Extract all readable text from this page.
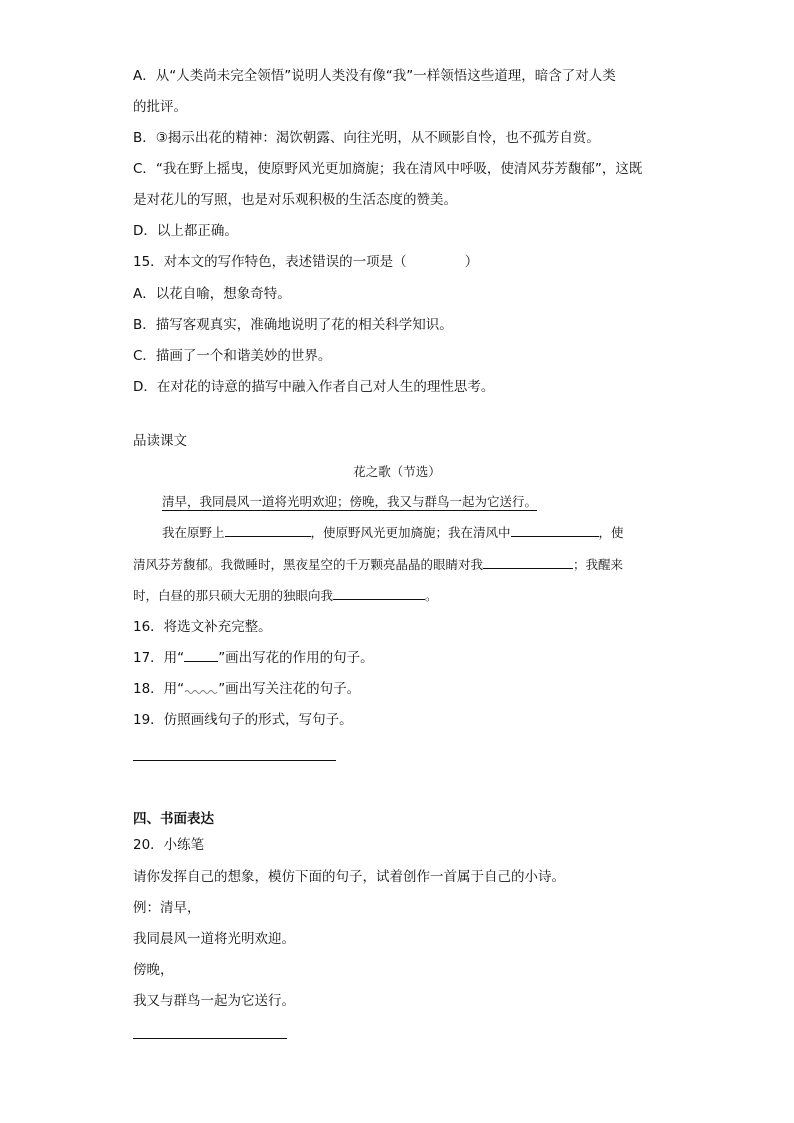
A．从“人类尚未完全领悟”说明人类没有像“我”一样领悟这些道理，暗含了对人类
的批评。
B．③揭示出花的精神：渴饮朝露、向往光明，从不顾影自怜，也不孤芳自赏。
C．“我在野上摇曳，使原野风光更加旖旎；我在清风中呼吸，使清风芬芳馥郁”，这既
是对花儿的写照，也是对乐观积极的生活态度的赞美。
D．以上都正确。
15．对本文的写作特色，表述错误的一项是（	）
A．以花自喻，想象奇特。
B．描写客观真实，准确地说明了花的相关科学知识。
C．描画了一个和谐美妙的世界。
D．在对花的诗意的描写中融入作者自己对人生的理性思考。
品读课文
花之歌（节选）
清早，我同晨风一道将光明欢迎；傍晚，我又与群鸟一起为它送行。
我在原野上	，使原野风光更加旖旎；我在清风中	，使
清风芬芳馥郁。我微睡时，黑夜星空的千万颗亮晶晶的眼睛对我	；我醒来
时，白昼的那只硕大无朋的独眼向我	。
16．将选文补充完整。
17．用“	”画出写花的作用的句子。
18．用“	”画出写关注花的句子。
19．仿照画线句子的形式，写句子。
四、书面表达
20．小练笔
请你发挥自己的想象，模仿下面的句子，试着创作一首属于自己的小诗。
例：清早，
我同晨风一道将光明欢迎。
傍晚，
我又与群鸟一起为它送行。
